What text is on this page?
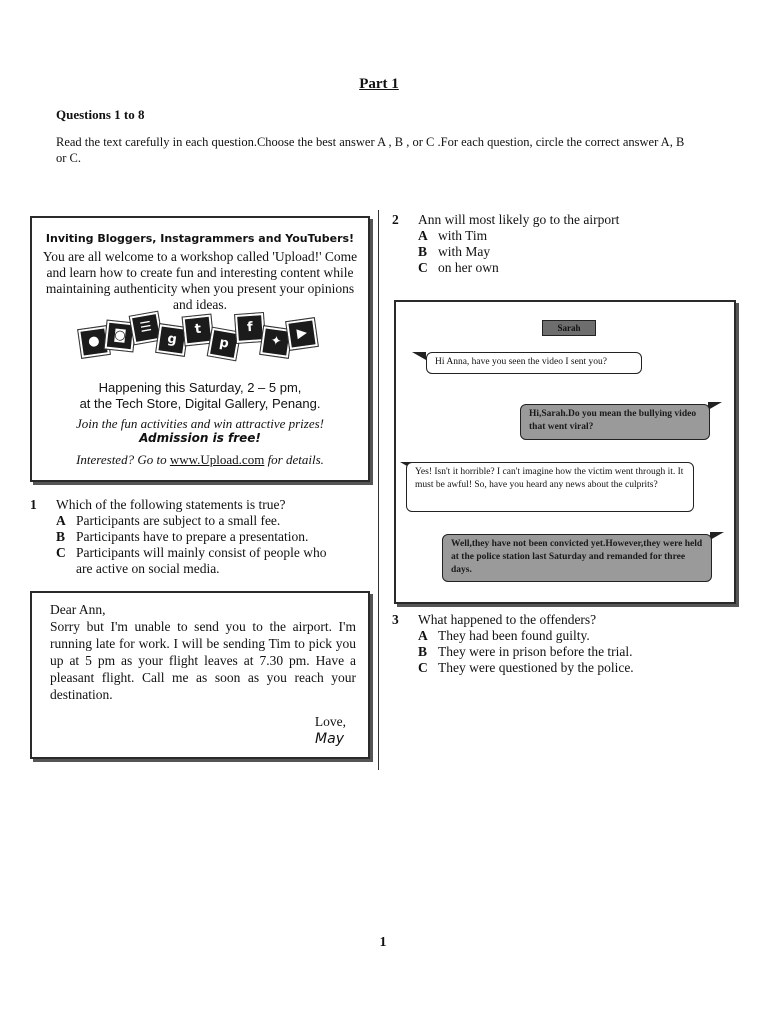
Part 1
Questions 1 to 8
Read the text carefully in each question.Choose the best answer A , B , or C .For each question, circle the correct answer A, B or C.
Inviting Bloggers, Instagrammers and YouTubers!
You are all welcome to a workshop called 'Upload!' Come and learn how to create fun and interesting content while maintaining authenticity when you present your opinions and ideas.
● ◙ ☰
g
t
p
f
✦	▶
Happening this Saturday, 2 – 5 pm,
at the Tech Store, Digital Gallery, Penang.
Join the fun activities and win attractive prizes!
Admission is free!
Interested? Go to www.Upload.com for details.
1 Which of the following statements is true?
A Participants are subject to a small fee.
B Participants have to prepare a presentation.
C Participants will mainly consist of people who
are active on social media.
Dear Ann,
Sorry but I'm unable to send you to the airport. I'm running late for work. I will be sending Tim to pick you up at 5 pm as your flight leaves at 7.30 pm. Have a pleasant flight. Call me as soon as you reach your destination.
Love,
May
2 Ann will most likely go to the airport
A with Tim
B with May
C on her own
Sarah
Hi Anna, have you seen the video I sent you?
Hi,Sarah.Do you mean the bullying video that went viral?
Yes! Isn't it horrible? I can't imagine how the victim went through it. It must be awful! So, have you heard any news about the culprits?
Well,they have not been convicted yet.However,they were held at the police station last Saturday and remanded for three days.
3 What happened to the offenders?
A They had been found guilty.
B They were in prison before the trial.
C They were questioned by the police.
1
